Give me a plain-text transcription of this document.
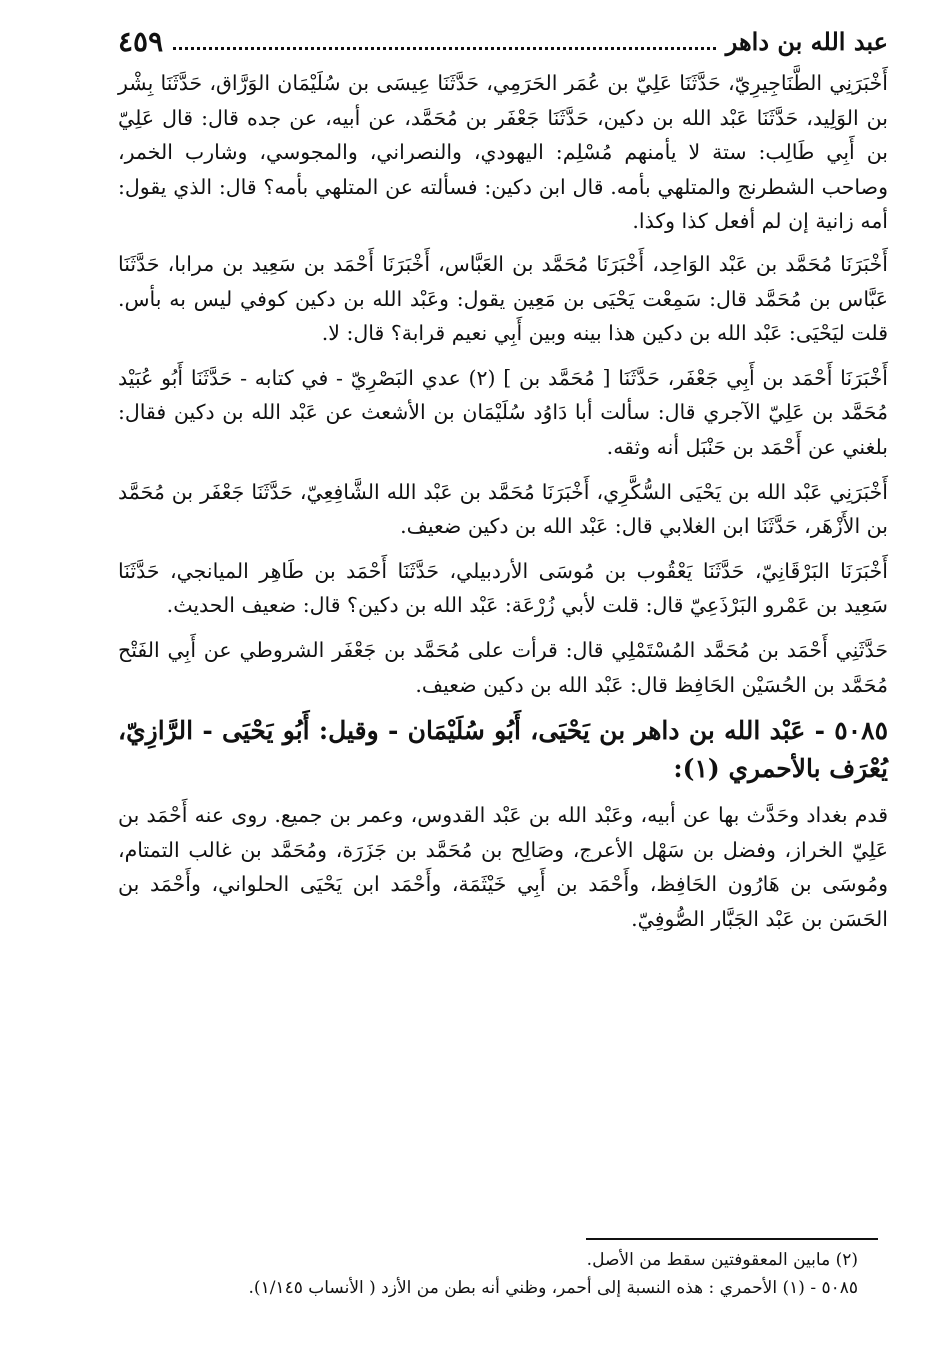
عبد الله بن داهر
٤٥٩

أَخْبَرَنِي الطَّنَاجِيرِيّ، حَدَّثَنَا عَلِيّ بن عُمَر الحَرَمِي، حَدَّثَنَا عِيسَى بن سُلَيْمَان الوَرَّاق، حَدَّثَنَا بِشْر بن الوَلِيد، حَدَّثَنَا عَبْد الله بن دكين، حَدَّثَنَا جَعْفَر بن مُحَمَّد، عن أبيه، عن جده قال: قال عَلِيّ بن أَبِي طَالِب: ستة لا يأمنهم مُسْلِم: اليهودي، والنصراني، والمجوسي، وشارب الخمر، وصاحب الشطرنج والمتلهي بأمه. قال ابن دكين: فسألته عن المتلهي بأمه؟ قال: الذي يقول: أمه زانية إن لم أفعل كذا وكذا.

أَخْبَرَنَا مُحَمَّد بن عَبْد الوَاحِد، أَخْبَرَنَا مُحَمَّد بن العَبَّاس، أَخْبَرَنَا أَحْمَد بن سَعِيد بن مرابا، حَدَّثَنَا عَبَّاس بن مُحَمَّد قال: سَمِعْت يَحْيَى بن مَعِين يقول: وعَبْد الله بن دكين كوفي ليس به بأس. قلت ليَحْيَى: عَبْد الله بن دكين هذا بينه وبين أَبِي نعيم قرابة؟ قال: لا.

أَخْبَرَنَا أَحْمَد بن أَبِي جَعْفَر، حَدَّثَنَا [ مُحَمَّد بن ] (٢) عدي البَصْرِيّ - في كتابه - حَدَّثَنَا أَبُو عُبَيْد مُحَمَّد بن عَلِيّ الآجري قال: سألت أبا دَاوُد سُلَيْمَان بن الأشعث عن عَبْد الله بن دكين فقال: بلغني عن أَحْمَد بن حَنْبَل أنه وثقه.

أَخْبَرَنِي عَبْد الله بن يَحْيَى السُّكَّرِي، أَخْبَرَنَا مُحَمَّد بن عَبْد الله الشَّافِعِيّ، حَدَّثَنَا جَعْفَر بن مُحَمَّد بن الأَزْهَر، حَدَّثَنَا ابن الغلابي قال: عَبْد الله بن دكين ضعيف.

أَخْبَرَنَا البَرْقَانِيّ، حَدَّثَنَا يَعْقُوب بن مُوسَى الأردبيلي، حَدَّثَنَا أَحْمَد بن طَاهِر الميانجي، حَدَّثَنَا سَعِيد بن عَمْرو البَرْذَعِيّ قال: قلت لأبي زُرْعَة: عَبْد الله بن دكين؟ قال: ضعيف الحديث.

حَدَّثَنِي أَحْمَد بن مُحَمَّد المُسْتَمْلِي قال: قرأت على مُحَمَّد بن جَعْفَر الشروطي عن أَبِي الفَتْح مُحَمَّد بن الحُسَيْن الحَافِظ قال: عَبْد الله بن دكين ضعيف.

٥٠٨٥ - عَبْد الله بن داهر بن يَحْيَى، أَبُو سُلَيْمَان - وقيل: أَبُو يَحْيَى - الرَّازِيّ، يُعْرَف بالأحمري (١):

قدم بغداد وحَدَّث بها عن أبيه، وعَبْد الله بن عَبْد القدوس، وعمر بن جميع. روى عنه أَحْمَد بن عَلِيّ الخراز، وفضل بن سَهْل الأعرج، وصَالِح بن مُحَمَّد بن جَزَرَة، ومُحَمَّد بن غالب التمتام، ومُوسَى بن هَارُون الحَافِظ، وأَحْمَد بن أَبِي خَيْثَمَة، وأَحْمَد ابن يَحْيَى الحلواني، وأَحْمَد بن الحَسَن بن عَبْد الجَبَّار الصُّوفِيّ.

(٢) مابين المعقوفتين سقط من الأصل.

٥٠٨٥ - (١) الأحمري : هذه النسبة إلى أحمر، وظني أنه بطن من الأزد ( الأنساب ١/١٤٥).
